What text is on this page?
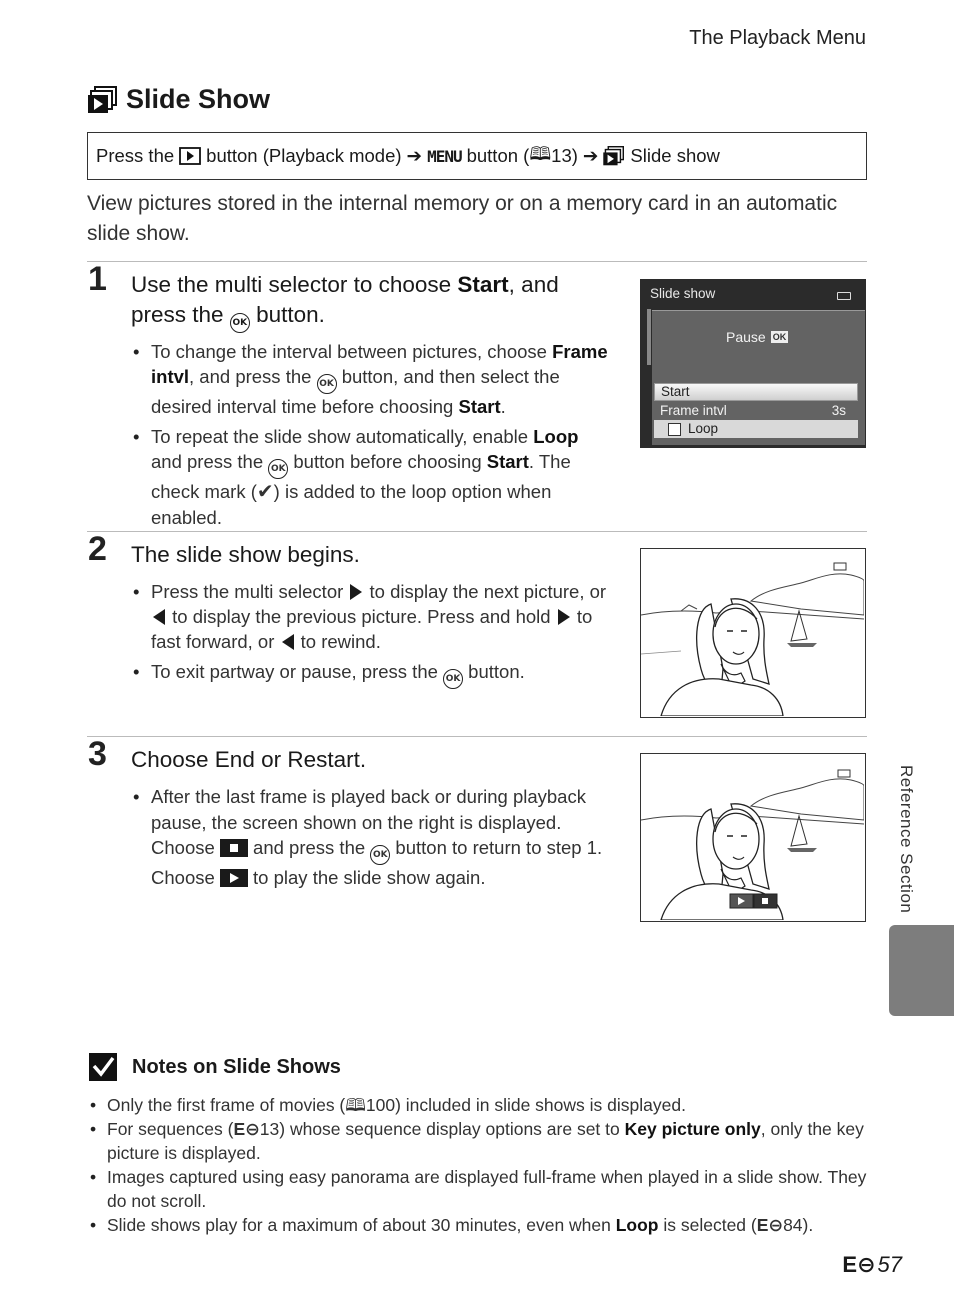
The Playback Menu
Slide Show
Press the button (Playback mode) ➔ MENU button ( 🕮 13 ) ➔ Slide show
View pictures stored in the internal memory or on a memory card in an automatic slide show.
1 Use the multi selector to choose Start, and press the OK button.
• To change the interval between pictures, choose Frame intvl, and press the OK button, and then select the desired interval time before choosing Start.
• To repeat the slide show automatically, enable Loop and press the OK button before choosing Start. The check mark (✔) is added to the loop option when enabled.
Slide show
Pause OK
Start
Frame intvl	3s
Loop
2 The slide show begins.
• Press the multi selector  to display the next picture, or  to display the previous picture. Press and hold  to fast forward, or  to rewind.
• To exit partway or pause, press the OK button.
3 Choose End or Restart.
• After the last frame is played back or during playback pause, the screen shown on the right is displayed. Choose  and press the OK button to return to step 1. Choose  to play the slide show again.	Reference Section
Notes on Slide Shows
• Only the first frame of movies (🕮100) included in slide shows is displayed.
• For sequences (E⊖13) whose sequence display options are set to Key picture only, only the key picture is displayed.
• Images captured using easy panorama are displayed full-frame when played in a slide show. They do not scroll.
• Slide shows play for a maximum of about 30 minutes, even when Loop is selected (E⊖84).
E⊖ 57
